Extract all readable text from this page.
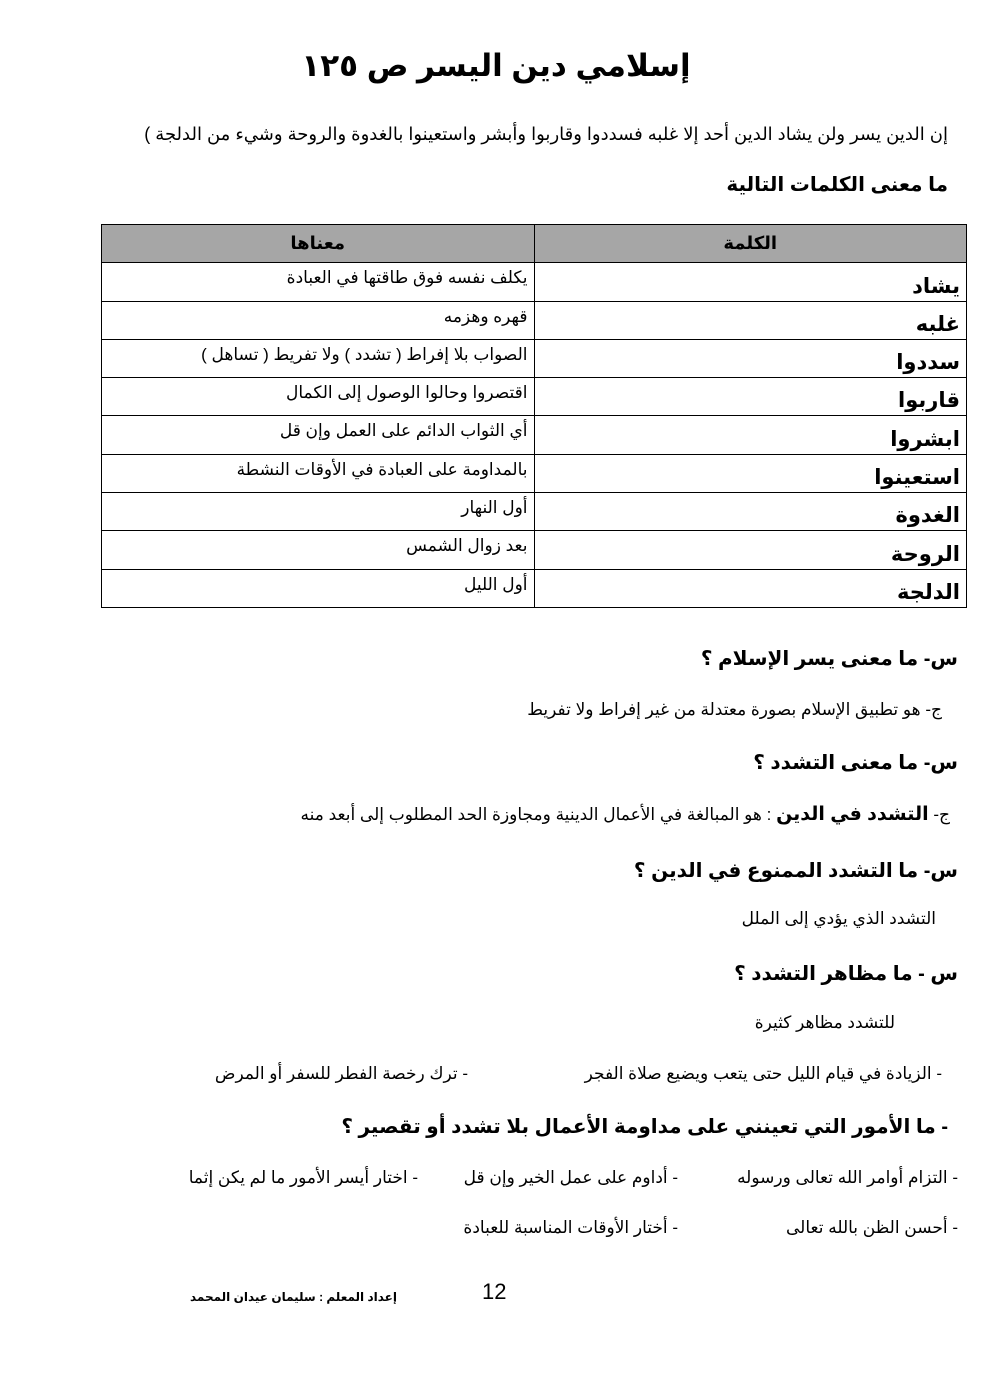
إسلامي دين اليسر ص ١٢٥
إن الدين يسر ولن يشاد الدين أحد إلا غلبه فسددوا وقاربوا وأبشر واستعينوا بالغدوة والروحة وشيء من الدلجة )
ما معنى الكلمات التالية
الكلمة	معناها
يشاد	يكلف نفسه فوق طاقتها في العبادة
غلبه	قهره وهزمه
سددوا	الصواب بلا إفراط ( تشدد ) ولا تفريط ( تساهل )
قاربوا	اقتصروا وحالوا الوصول إلى الكمال
ابشروا	أي الثواب الدائم على العمل وإن قل
استعينوا	بالمداومة على العبادة في الأوقات النشطة
الغدوة	أول النهار
الروحة	بعد زوال الشمس
الدلجة	أول الليل
س- ما معنى يسر الإسلام ؟
ج- هو تطبيق الإسلام بصورة معتدلة من غير إفراط ولا تفريط
س- ما معنى التشدد ؟
ج- التشدد في الدين : هو المبالغة في الأعمال الدينية ومجاوزة الحد المطلوب إلى أبعد منه
س- ما التشدد الممنوع في الدين ؟
التشدد الذي يؤدي إلى الملل
س - ما مظاهر التشدد ؟
للتشدد مظاهر كثيرة
- الزيادة في قيام الليل حتى يتعب ويضيع صلاة الفجر
- ترك رخصة الفطر للسفر أو المرض
- ما الأمور التي تعينني على مداومة الأعمال بلا تشدد أو تقصير ؟
- التزام أوامر الله تعالى ورسوله
- أداوم على عمل الخير وإن قل
- اختار أيسر الأمور ما لم يكن إثما
- أحسن الظن بالله تعالى
- أختار الأوقات المناسبة للعبادة
إعداد المعلم : سليمان عيدان المحمد	12
